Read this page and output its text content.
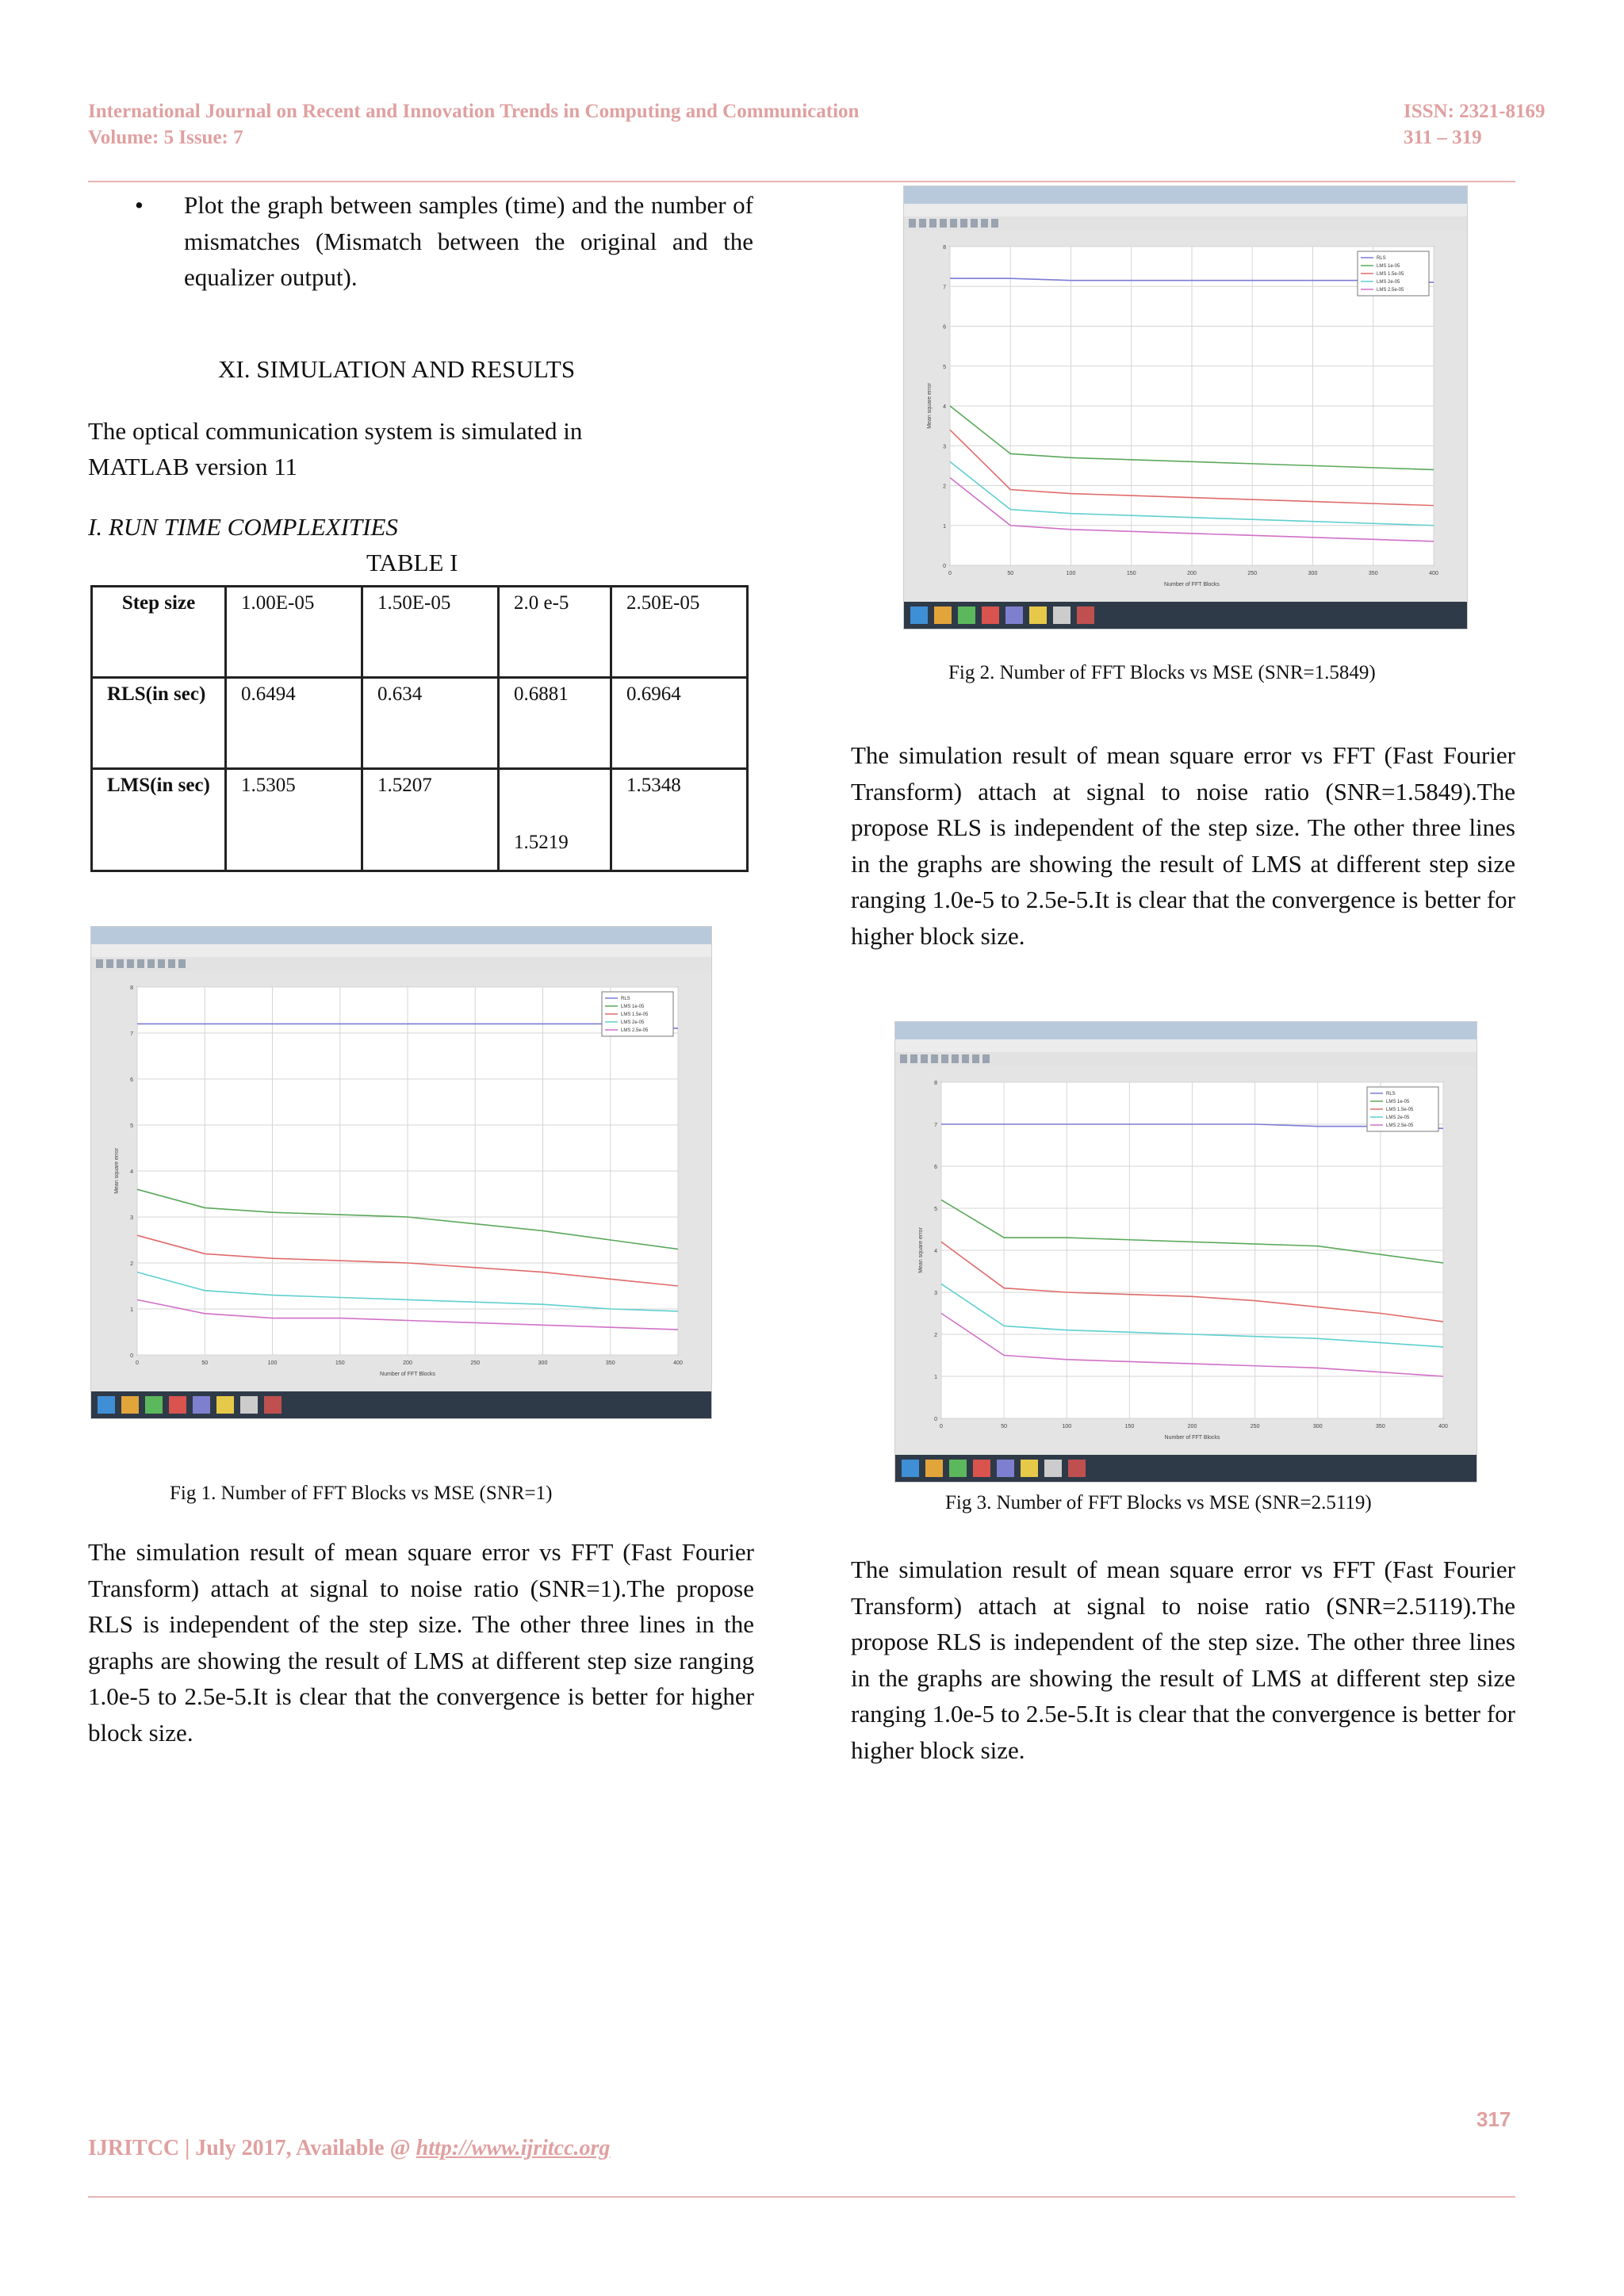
International Journal on Recent and Innovation Trends in Computing and Communication
Volume: 5 Issue: 7
ISSN: 2321-8169
311 – 319
• Plot the graph between samples (time) and the number of mismatches (Mismatch between the original and the equalizer output).
XI. SIMULATION AND RESULTS
The optical communication system is simulated in
MATLAB version 11
I. RUN TIME COMPLEXITIES
TABLE I
Step size	1.00E-05	1.50E-05	2.0 e-5	2.50E-05
RLS(in sec)	0.6494	0.634	0.6881	0.6964
LMS(in sec)	1.5305	1.5207	1.5219	1.5348
0	50	100	150	200	250	300	350	400
0
1
2
3
4
5
6
7
8
Number of FFT Blocks
Mean square error
RLS
LMS 1e-05
LMS 1.5e-05
LMS 2e-05
LMS 2.5e-05
Fig 1. Number of FFT Blocks vs MSE (SNR=1)
The simulation result of mean square error vs FFT (Fast Fourier Transform) attach at signal to noise ratio (SNR=1).The propose RLS is independent of the step size. The other three lines in the graphs are showing the result of LMS at different step size ranging 1.0e-5 to 2.5e-5.It is clear that the convergence is better for higher block size.
0	50	100	150	200	250	300	350	400
0
1
2
3
4
5
6
7
8
Number of FFT Blocks
Mean square error
RLS
LMS 1e-05
LMS 1.5e-05
LMS 2e-05
LMS 2.5e-05
Fig 2. Number of FFT Blocks vs MSE (SNR=1.5849)
The simulation result of mean square error vs FFT (Fast Fourier Transform) attach at signal to noise ratio (SNR=1.5849).The propose RLS is independent of the step size. The other three lines in the graphs are showing the result of LMS at different step size ranging 1.0e-5 to 2.5e-5.It is clear that the convergence is better for higher block size.
0	50	100	150	200	250	300	350	400
0
1
2
3
4
5
6
7
8
Number of FFT Blocks
Mean square error
RLS
LMS 1e-05
LMS 1.5e-05
LMS 2e-05
LMS 2.5e-05
Fig 3. Number of FFT Blocks vs MSE (SNR=2.5119)
The simulation result of mean square error vs FFT (Fast Fourier Transform) attach at signal to noise ratio (SNR=2.5119).The propose RLS is independent of the step size. The other three lines in the graphs are showing the result of LMS at different step size ranging 1.0e-5 to 2.5e-5.It is clear that the convergence is better for higher block size.
317
IJRITCC | July 2017, Available @ http://www.ijritcc.org
